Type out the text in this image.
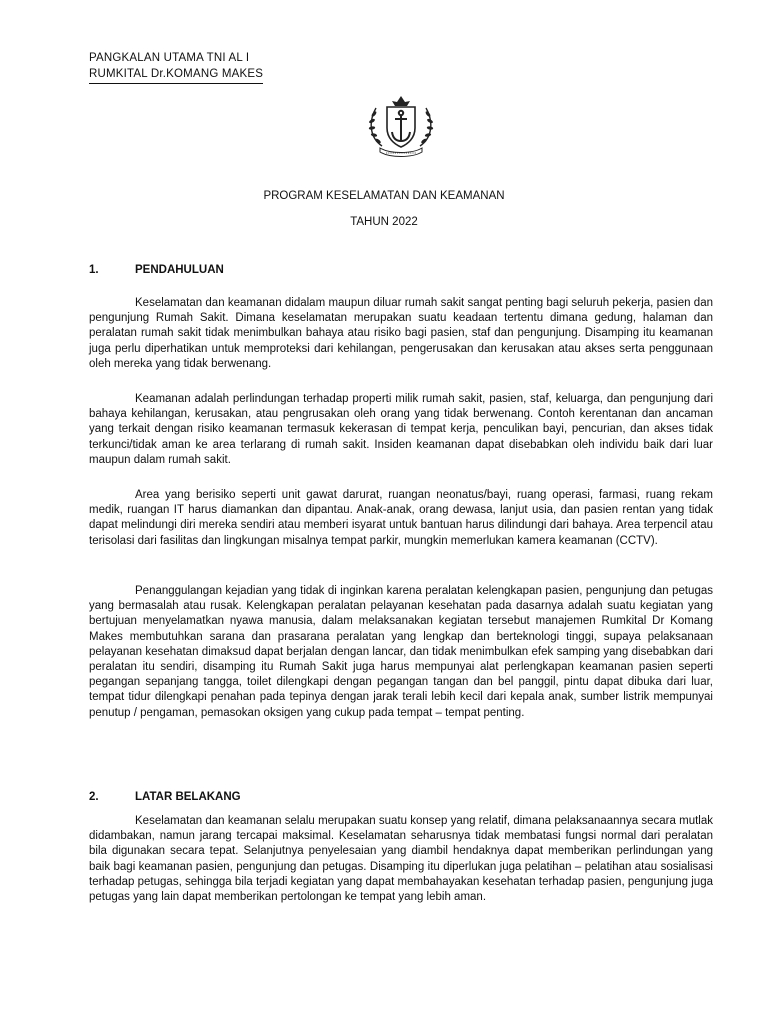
PANGKALAN UTAMA TNI AL I
RUMKITAL Dr.KOMANG MAKES
PROGRAM KESELAMATAN DAN KEAMANAN
TAHUN 2022
1.	PENDAHULUAN

Keselamatan dan keamanan didalam maupun diluar rumah sakit sangat penting bagi seluruh pekerja, pasien dan pengunjung Rumah Sakit. Dimana keselamatan merupakan suatu keadaan tertentu dimana gedung, halaman dan peralatan rumah sakit tidak menimbulkan bahaya atau risiko bagi pasien, staf dan pengunjung. Disamping itu keamanan juga perlu diperhatikan untuk memproteksi dari kehilangan, pengerusakan dan kerusakan atau akses serta penggunaan oleh mereka yang tidak berwenang.

Keamanan adalah perlindungan terhadap properti milik rumah sakit, pasien, staf, keluarga, dan pengunjung dari bahaya kehilangan, kerusakan, atau pengrusakan oleh orang yang tidak berwenang. Contoh kerentanan dan ancaman yang terkait dengan risiko keamanan termasuk kekerasan di tempat kerja, penculikan bayi, pencurian, dan akses tidak terkunci/tidak aman ke area terlarang di rumah sakit. Insiden keamanan dapat disebabkan oleh individu baik dari luar maupun dalam rumah sakit.

Area yang berisiko seperti unit gawat darurat, ruangan neonatus/bayi, ruang operasi, farmasi, ruang rekam medik, ruangan IT harus diamankan dan dipantau. Anak-anak, orang dewasa, lanjut usia, dan pasien rentan yang tidak dapat melindungi diri mereka sendiri atau memberi isyarat untuk bantuan harus dilindungi dari bahaya. Area terpencil atau terisolasi dari fasilitas dan lingkungan misalnya tempat parkir, mungkin memerlukan kamera keamanan (CCTV).

Penanggulangan kejadian yang tidak di inginkan karena peralatan kelengkapan pasien, pengunjung dan petugas yang bermasalah atau rusak. Kelengkapan peralatan pelayanan kesehatan pada dasarnya adalah suatu kegiatan yang bertujuan menyelamatkan nyawa manusia, dalam melaksanakan kegiatan tersebut manajemen Rumkital Dr Komang Makes membutuhkan sarana dan prasarana peralatan yang lengkap dan berteknologi tinggi, supaya pelaksanaan pelayanan kesehatan dimaksud dapat berjalan dengan lancar, dan tidak menimbulkan efek samping yang disebabkan dari peralatan itu sendiri, disamping itu Rumah Sakit juga harus mempunyai alat perlengkapan keamanan pasien seperti pegangan sepanjang tangga, toilet dilengkapi dengan pegangan tangan dan bel panggil, pintu dapat dibuka dari luar, tempat tidur dilengkapi penahan pada tepinya dengan jarak terali lebih kecil dari kepala anak, sumber listrik mempunyai penutup / pengaman, pemasokan oksigen yang cukup pada tempat – tempat penting.

2.	LATAR BELAKANG

Keselamatan dan keamanan selalu merupakan suatu konsep yang relatif, dimana pelaksanaannya secara mutlak didambakan, namun jarang tercapai maksimal. Keselamatan seharusnya tidak membatasi fungsi normal dari peralatan bila digunakan secara tepat. Selanjutnya penyelesaian yang diambil hendaknya dapat memberikan perlindungan yang baik bagi keamanan pasien, pengunjung dan petugas. Disamping itu diperlukan juga pelatihan – pelatihan atau sosialisasi terhadap petugas, sehingga bila terjadi kegiatan yang dapat membahayakan kesehatan terhadap pasien, pengunjung juga petugas yang lain dapat memberikan pertolongan ke tempat yang lebih aman.
